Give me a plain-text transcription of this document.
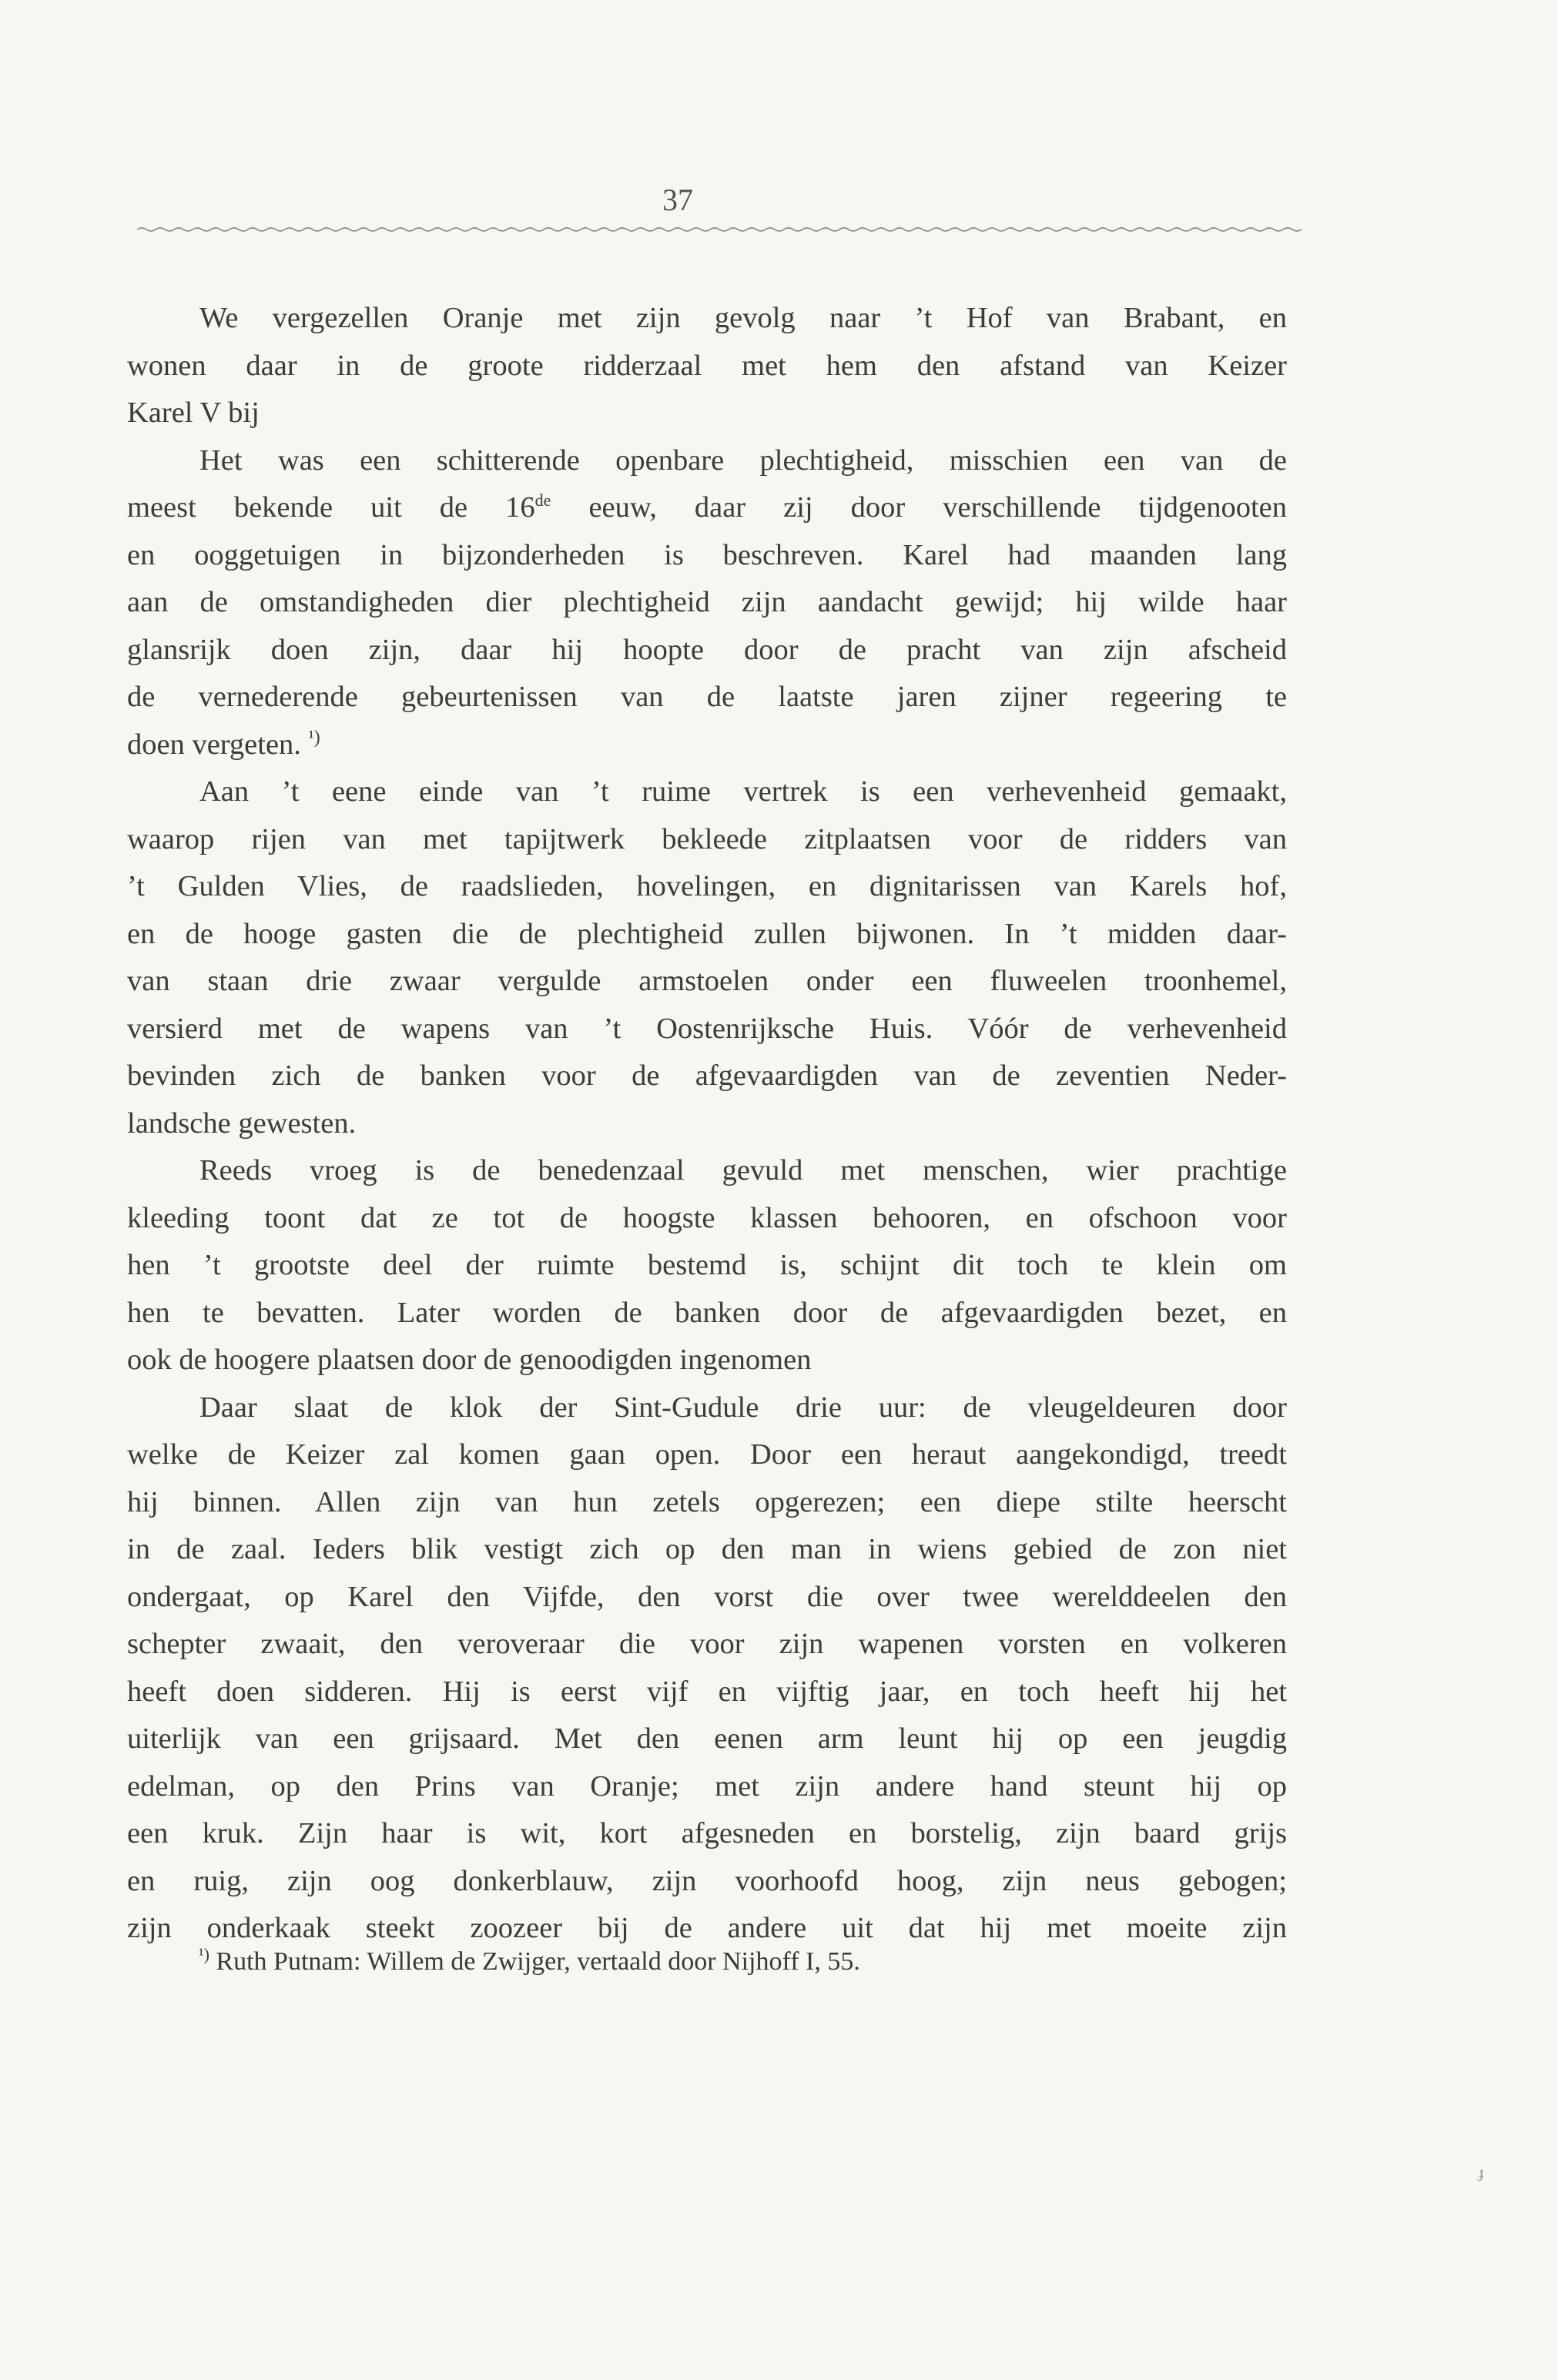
37
We vergezellen Oranje met zijn gevolg naar ’t Hof van Brabant, en
wonen daar in de groote ridderzaal met hem den afstand van Keizer
Karel V bij
Het was een schitterende openbare plechtigheid, misschien een van de
meest bekende uit de 16de eeuw, daar zij door verschillende tijdgenooten
en ooggetuigen in bijzonderheden is beschreven. Karel had maanden lang
aan de omstandigheden dier plechtigheid zijn aandacht gewijd; hij wilde haar
glansrijk doen zijn, daar hij hoopte door de pracht van zijn afscheid
de vernederende gebeurtenissen van de laatste jaren zijner regeering te
doen vergeten. $^{^1)}$
Aan ’t eene einde van ’t ruime vertrek is een verhevenheid gemaakt,
waarop rijen van met tapijtwerk bekleede zitplaatsen voor de ridders van
’t Gulden Vlies, de raadslieden, hovelingen, en dignitarissen van Karels hof,
en de hooge gasten die de plechtigheid zullen bijwonen. In ’t midden daar-
van staan drie zwaar vergulde armstoelen onder een fluweelen troonhemel,
versierd met de wapens van ’t Oostenrijksche Huis. Vóór de verhevenheid
bevinden zich de banken voor de afgevaardigden van de zeventien Neder-
landsche gewesten.
Reeds vroeg is de benedenzaal gevuld met menschen, wier prachtige
kleeding toont dat ze tot de hoogste klassen behooren, en ofschoon voor
hen ’t grootste deel der ruimte bestemd is, schijnt dit toch te klein om
hen te bevatten. Later worden de banken door de afgevaardigden bezet, en
ook de hoogere plaatsen door de genoodigden ingenomen
Daar slaat de klok der Sint-Gudule drie uur: de vleugeldeuren door
welke de Keizer zal komen gaan open. Door een heraut aangekondigd, treedt
hij binnen. Allen zijn van hun zetels opgerezen; een diepe stilte heerscht
in de zaal. Ieders blik vestigt zich op den man in wiens gebied de zon niet
ondergaat, op Karel den Vijfde, den vorst die over twee werelddeelen den
schepter zwaait, den veroveraar die voor zijn wapenen vorsten en volkeren
heeft doen sidderen. Hij is eerst vijf en vijftig jaar, en toch heeft hij het
uiterlijk van een grijsaard. Met den eenen arm leunt hij op een jeugdig
edelman, op den Prins van Oranje; met zijn andere hand steunt hij op
een kruk. Zijn haar is wit, kort afgesneden en borstelig, zijn baard grijs
en ruig, zijn oog donkerblauw, zijn voorhoofd hoog, zijn neus gebogen;
zijn onderkaak steekt zoozeer bij de andere uit dat hij met moeite zijn
$^{^1)}$ Ruth Putnam: Willem de Zwijger, vertaald door Nijhoff I, 55.
ɟ
